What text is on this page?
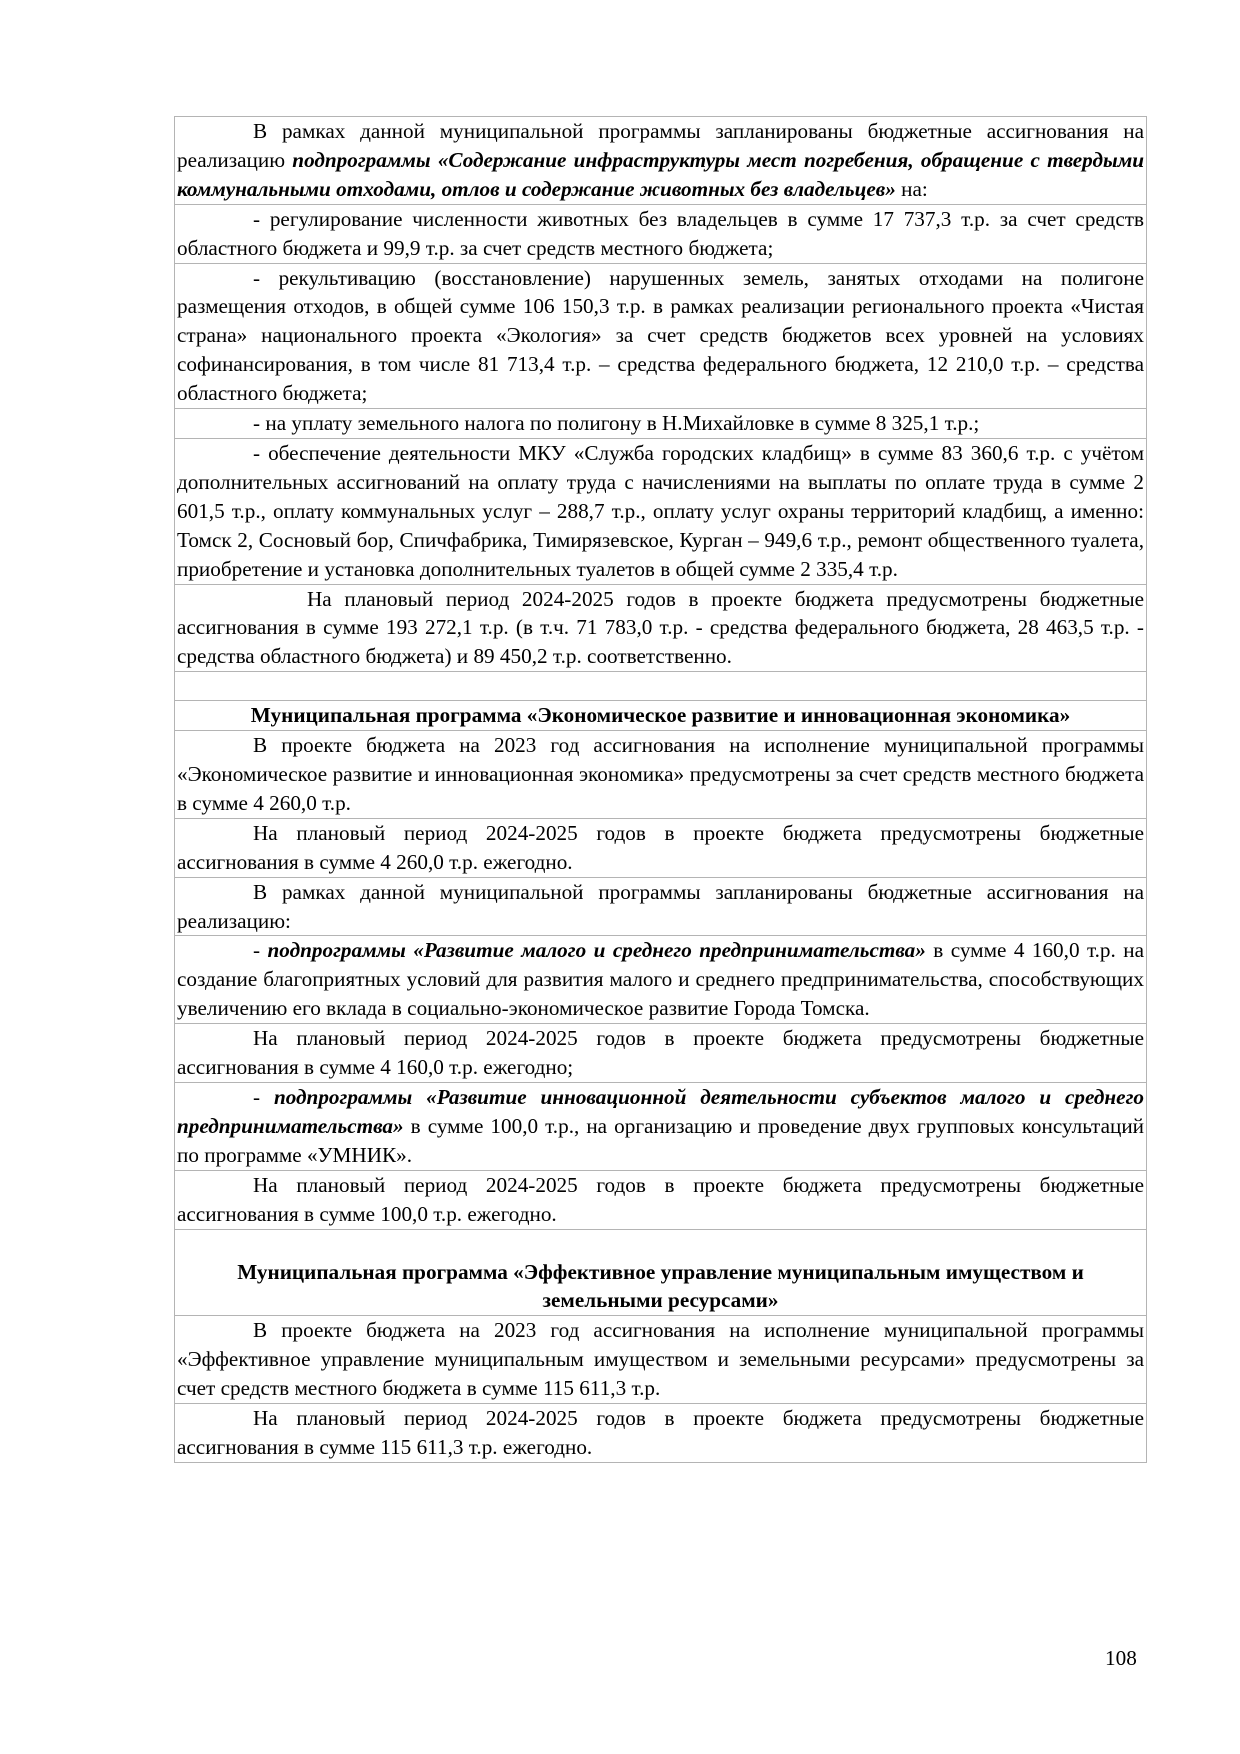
В рамках данной муниципальной программы запланированы бюджетные ассигнования на реализацию подпрограммы «Содержание инфраструктуры мест погребения, обращение с твердыми коммунальными отходами, отлов и содержание животных без владельцев» на:
- регулирование численности животных без владельцев в сумме 17 737,3 т.р. за счет средств областного бюджета и 99,9 т.р. за счет средств местного бюджета;
- рекультивацию (восстановление) нарушенных земель, занятых отходами на полигоне размещения отходов, в общей сумме 106 150,3 т.р. в рамках реализации регионального проекта «Чистая страна» национального проекта «Экология» за счет средств бюджетов всех уровней на условиях софинансирования, в том числе 81 713,4 т.р. – средства федерального бюджета, 12 210,0 т.р. – средства областного бюджета;
- на уплату земельного налога по полигону в Н.Михайловке в сумме 8 325,1 т.р.;
- обеспечение деятельности МКУ «Служба городских кладбищ» в сумме 83 360,6 т.р. с учётом дополнительных ассигнований на оплату труда с начислениями на выплаты по оплате труда в сумме 2 601,5 т.р., оплату коммунальных услуг – 288,7 т.р., оплату услуг охраны территорий кладбищ, а именно: Томск 2, Сосновый бор, Спичфабрика, Тимирязевское, Курган – 949,6 т.р., ремонт общественного туалета, приобретение и установка дополнительных туалетов в общей сумме 2 335,4 т.р.
На плановый период 2024-2025 годов в проекте бюджета предусмотрены бюджетные ассигнования в сумме 193 272,1 т.р. (в т.ч. 71 783,0 т.р. - средства федерального бюджета, 28 463,5 т.р. - средства областного бюджета) и 89 450,2 т.р. соответственно.

Муниципальная программа «Экономическое развитие и инновационная экономика»
В проекте бюджета на 2023 год ассигнования на исполнение муниципальной программы «Экономическое развитие и инновационная экономика» предусмотрены за счет средств местного бюджета в сумме 4 260,0 т.р.
На плановый период 2024-2025 годов в проекте бюджета предусмотрены бюджетные ассигнования в сумме 4 260,0 т.р. ежегодно.
В рамках данной муниципальной программы запланированы бюджетные ассигнования на реализацию:
- подпрограммы «Развитие малого и среднего предпринимательства» в сумме 4 160,0 т.р. на создание благоприятных условий для развития малого и среднего предпринимательства, способствующих увеличению его вклада в социально-экономическое развитие Города Томска.
На плановый период 2024-2025 годов в проекте бюджета предусмотрены бюджетные ассигнования в сумме 4 160,0 т.р. ежегодно;
- подпрограммы «Развитие инновационной деятельности субъектов малого и среднего предпринимательства» в сумме 100,0 т.р., на организацию и проведение двух групповых консультаций по программе «УМНИК».
На плановый период 2024-2025 годов в проекте бюджета предусмотрены бюджетные ассигнования в сумме 100,0 т.р. ежегодно.
Муниципальная программа «Эффективное управление муниципальным имуществом и земельными ресурсами»
В проекте бюджета на 2023 год ассигнования на исполнение муниципальной программы «Эффективное управление муниципальным имуществом и земельными ресурсами» предусмотрены за счет средств местного бюджета в сумме 115 611,3 т.р.
На плановый период 2024-2025 годов в проекте бюджета предусмотрены бюджетные ассигнования в сумме 115 611,3 т.р. ежегодно.
108
